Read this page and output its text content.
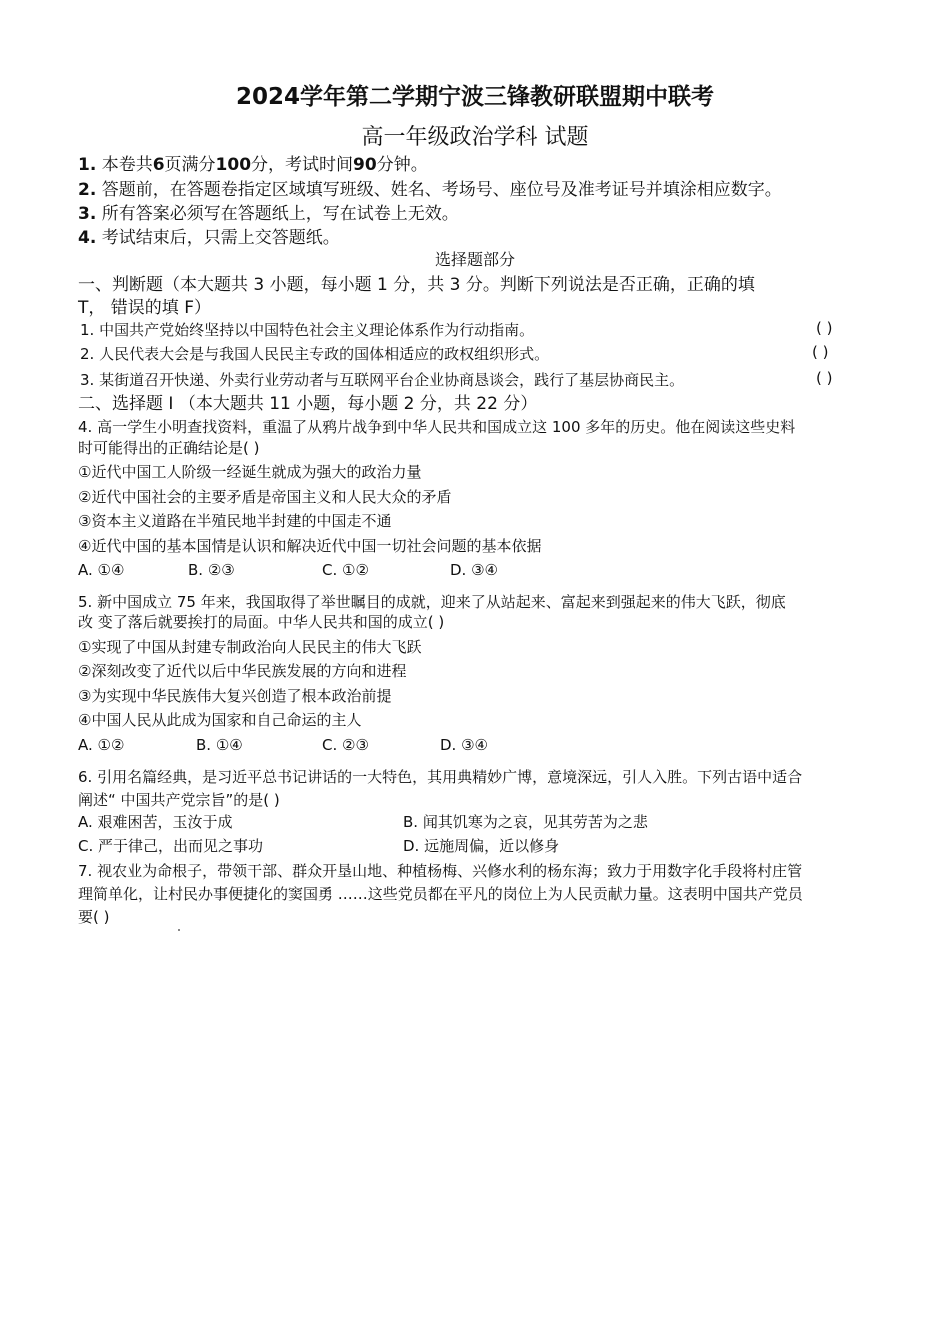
2024学年第二学期宁波三锋教研联盟期中联考
高一年级政治学科 试题
1. 本卷共6页满分100分，考试时间90分钟。
2. 答题前，在答题卷指定区域填写班级、姓名、考场号、座位号及准考证号并填涂相应数字。
3. 所有答案必须写在答题纸上，写在试卷上无效。
4. 考试结束后，只需上交答题纸。
选择题部分
一、判断题（本大题共 3 小题，每小题 1 分，共 3 分。判断下列说法是否正确，正确的填
T， 错误的填 F）
1. 中国共产党始终坚持以中国特色社会主义理论体系作为行动指南。	( )
2. 人民代表大会是与我国人民民主专政的国体相适应的政权组织形式。	( )
3. 某街道召开快递、外卖行业劳动者与互联网平台企业协商恳谈会，践行了基层协商民主。	( )
二、选择题 I （本大题共 11 小题，每小题 2 分，共 22 分）
4. 高一学生小明查找资料，重温了从鸦片战争到中华人民共和国成立这 100 多年的历史。他在阅读这些史料
时可能得出的正确结论是( )
①近代中国工人阶级一经诞生就成为强大的政治力量
②近代中国社会的主要矛盾是帝国主义和人民大众的矛盾
③资本主义道路在半殖民地半封建的中国走不通
④近代中国的基本国情是认识和解决近代中国一切社会问题的基本依据
A. ①④	B. ②③	C. ①②	D. ③④
5. 新中国成立 75 年来，我国取得了举世瞩目的成就，迎来了从站起来、富起来到强起来的伟大飞跃，彻底
改 变了落后就要挨打的局面。中华人民共和国的成立( )
①实现了中国从封建专制政治向人民民主的伟大飞跃
②深刻改变了近代以后中华民族发展的方向和进程
③为实现中华民族伟大复兴创造了根本政治前提
④中国人民从此成为国家和自己命运的主人
A. ①②	B. ①④	C. ②③	D. ③④
6. 引用名篇经典，是习近平总书记讲话的一大特色，其用典精妙广博，意境深远，引人入胜。下列古语中适合
阐述“ 中国共产党宗旨”的是( )
A. 艰难困苦，玉汝于成	B. 闻其饥寒为之哀，见其劳苦为之悲
C. 严于律己，出而见之事功	D. 远施周偏，近以修身
7. 视农业为命根子，带领干部、群众开垦山地、种植杨梅、兴修水利的杨东海；致力于用数字化手段将村庄管
理简单化，让村民办事便捷化的窦国勇 ……这些党员都在平凡的岗位上为人民贡献力量。这表明中国共产党员
要( )
